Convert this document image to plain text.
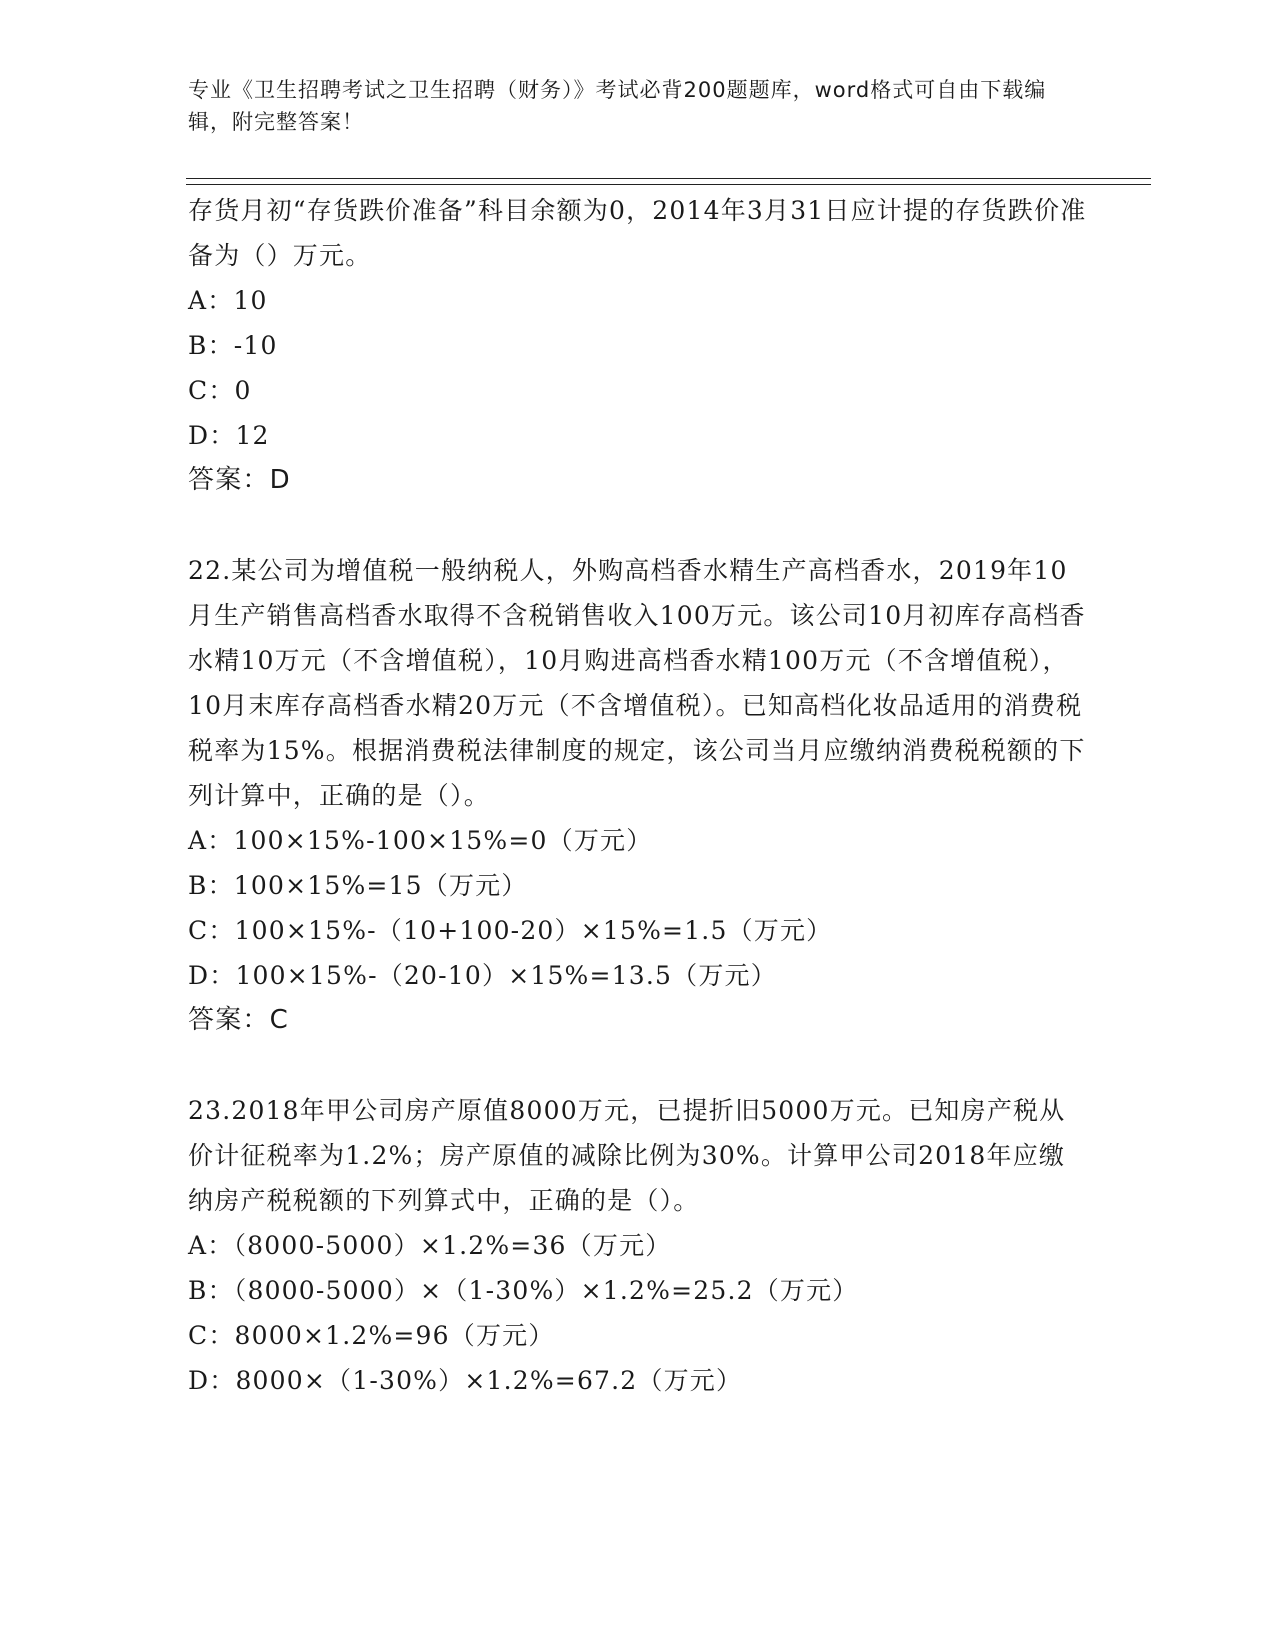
专业《卫生招聘考试之卫生招聘（财务）》考试必背200题题库，word格式可自由下载编辑，附完整答案！

存货月初“存货跌价准备”科目余额为0，2014年3月31日应计提的存货跌价准备为（）万元。

A：10

B：-10

C：0

D：12

答案：D

22.某公司为增值税一般纳税人，外购高档香水精生产高档香水，2019年10月生产销售高档香水取得不含税销售收入100万元。该公司10月初库存高档香水精10万元（不含增值税），10月购进高档香水精100万元（不含增值税），10月末库存高档香水精20万元（不含增值税）。已知高档化妆品适用的消费税税率为15%。根据消费税法律制度的规定，该公司当月应缴纳消费税税额的下列计算中，正确的是（）。

A：100×15%-100×15%=0（万元）

B：100×15%=15（万元）

C：100×15%-（10+100-20）×15%=1.5（万元）

D：100×15%-（20-10）×15%=13.5（万元）

答案：C

23.2018年甲公司房产原值8000万元，已提折旧5000万元。已知房产税从价计征税率为1.2%；房产原值的减除比例为30%。计算甲公司2018年应缴纳房产税税额的下列算式中，正确的是（）。

A：（8000-5000）×1.2%=36（万元）

B：（8000-5000）×（1-30%）×1.2%=25.2（万元）

C：8000×1.2%=96（万元）

D：8000×（1-30%）×1.2%=67.2（万元）
